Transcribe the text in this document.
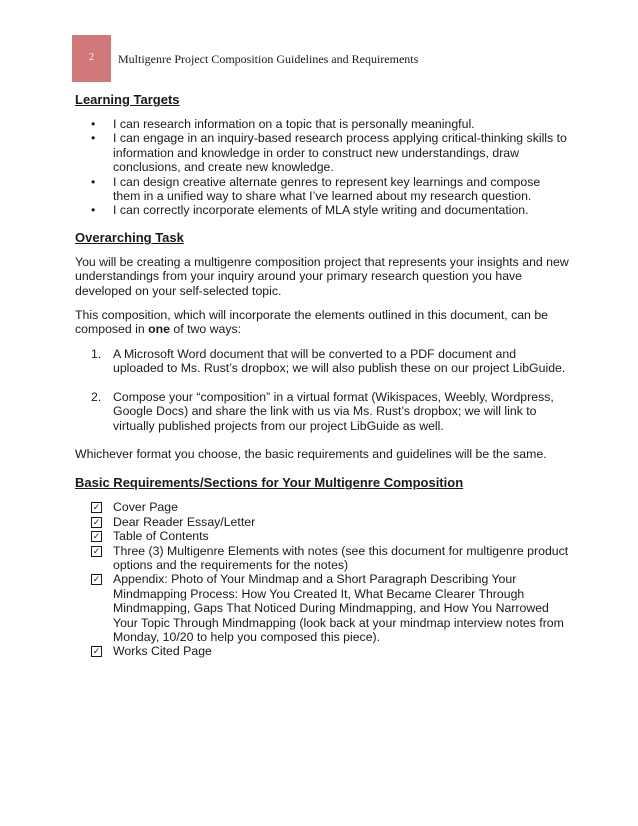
2 Multigenre Project Composition Guidelines and Requirements
Learning Targets
• I can research information on a topic that is personally meaningful.
• I can engage in an inquiry-based research process applying critical-thinking skills to information and knowledge in order to construct new understandings, draw conclusions, and create new knowledge.
• I can design creative alternate genres to represent key learnings and compose them in a unified way to share what I’ve learned about my research question.
• I can correctly incorporate elements of MLA style writing and documentation.
Overarching Task

You will be creating a multigenre composition project that represents your insights and new understandings from your inquiry around your primary research question you have developed on your self-selected topic.

This composition, which will incorporate the elements outlined in this document, can be composed in one of two ways:

1. A Microsoft Word document that will be converted to a PDF document and uploaded to Ms. Rust’s dropbox; we will also publish these on our project LibGuide.
2. Compose your “composition” in a virtual format (Wikispaces, Weebly, Wordpress, Google Docs) and share the link with us via Ms. Rust’s dropbox; we will link to virtually published projects from our project LibGuide as well.

Whichever format you choose, the basic requirements and guidelines will be the same.

Basic Requirements/Sections for Your Multigenre Composition
✓ Cover Page
✓ Dear Reader Essay/Letter
✓ Table of Contents
✓ Three (3) Multigenre Elements with notes (see this document for multigenre product options and the requirements for the notes)
✓ Appendix: Photo of Your Mindmap and a Short Paragraph Describing Your Mindmapping Process: How You Created It, What Became Clearer Through Mindmapping, Gaps That Noticed During Mindmapping, and How You Narrowed Your Topic Through Mindmapping (look back at your mindmap interview notes from Monday, 10/20 to help you composed this piece).
✓ Works Cited Page
